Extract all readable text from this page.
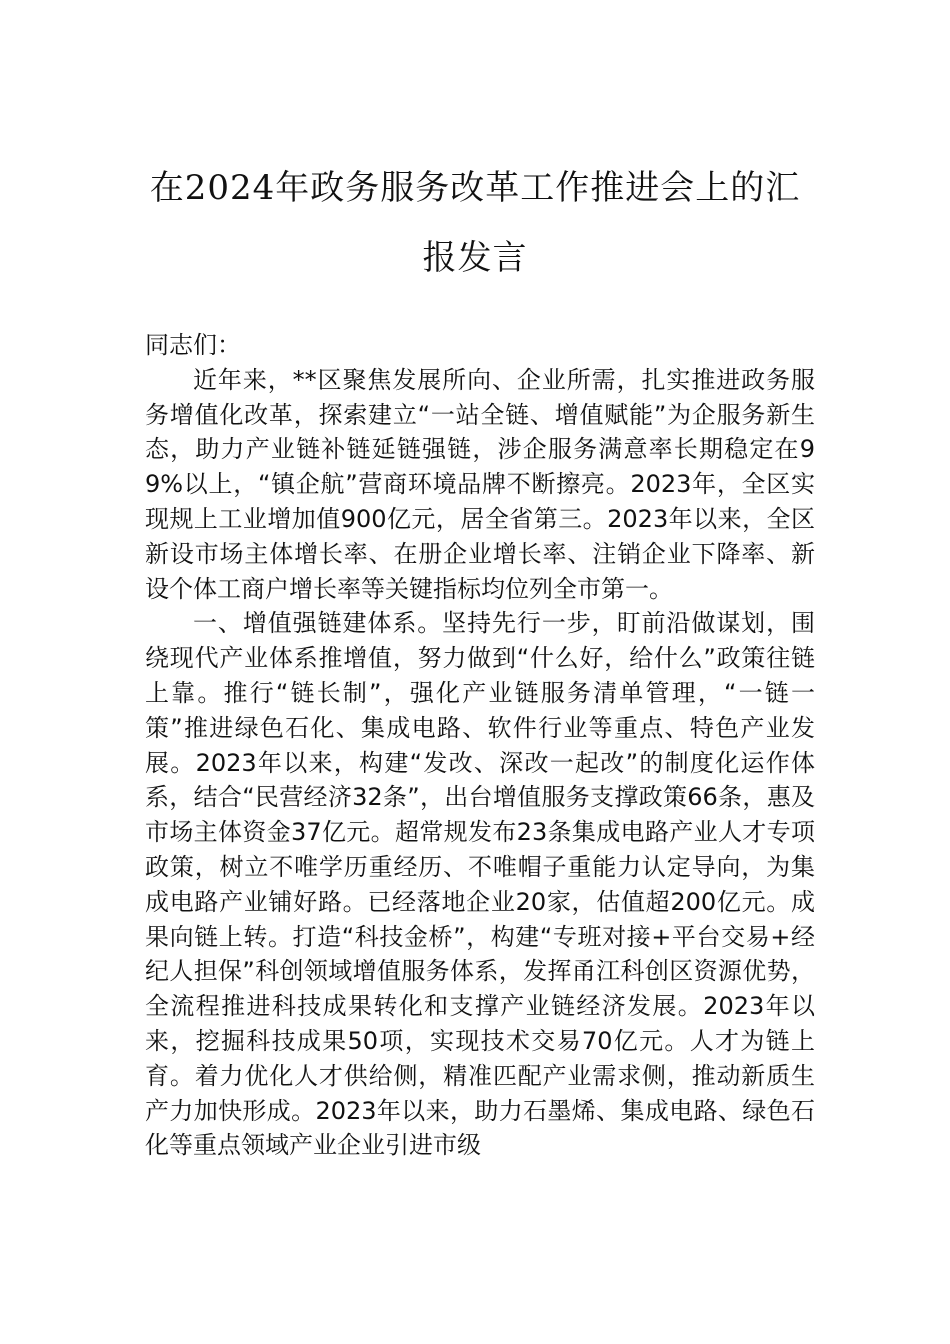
在2024年政务服务改革工作推进会上的汇
报发言

同志们：

近年来，**区聚焦发展所向、企业所需，扎实推进政务服务增值化改革，探索建立“一站全链、增值赋能”为企服务新生态，助力产业链补链延链强链，涉企服务满意率长期稳定在99%以上，“镇企航”营商环境品牌不断擦亮。2023年，全区实现规上工业增加值900亿元，居全省第三。2023年以来，全区新设市场主体增长率、在册企业增长率、注销企业下降率、新设个体工商户增长率等关键指标均位列全市第一。

一、增值强链建体系。坚持先行一步，盯前沿做谋划，围绕现代产业体系推增值，努力做到“什么好，给什么”政策往链上靠。推行“链长制”，强化产业链服务清单管理，“一链一策”推进绿色石化、集成电路、软件行业等重点、特色产业发展。2023年以来，构建“发改、深改一起改”的制度化运作体系，结合“民营经济32条”，出台增值服务支撑政策66条，惠及市场主体资金37亿元。超常规发布23条集成电路产业人才专项政策，树立不唯学历重经历、不唯帽子重能力认定导向，为集成电路产业铺好路。已经落地企业20家，估值超200亿元。成果向链上转。打造“科技金桥”，构建“专班对接+平台交易+经纪人担保”科创领域增值服务体系，发挥甬江科创区资源优势，全流程推进科技成果转化和支撑产业链经济发展。2023年以来，挖掘科技成果50项，实现技术交易70亿元。人才为链上育。着力优化人才供给侧，精准匹配产业需求侧，推动新质生产力加快形成。2023年以来，助力石墨烯、集成电路、绿色石化等重点领域产业企业引进市级
